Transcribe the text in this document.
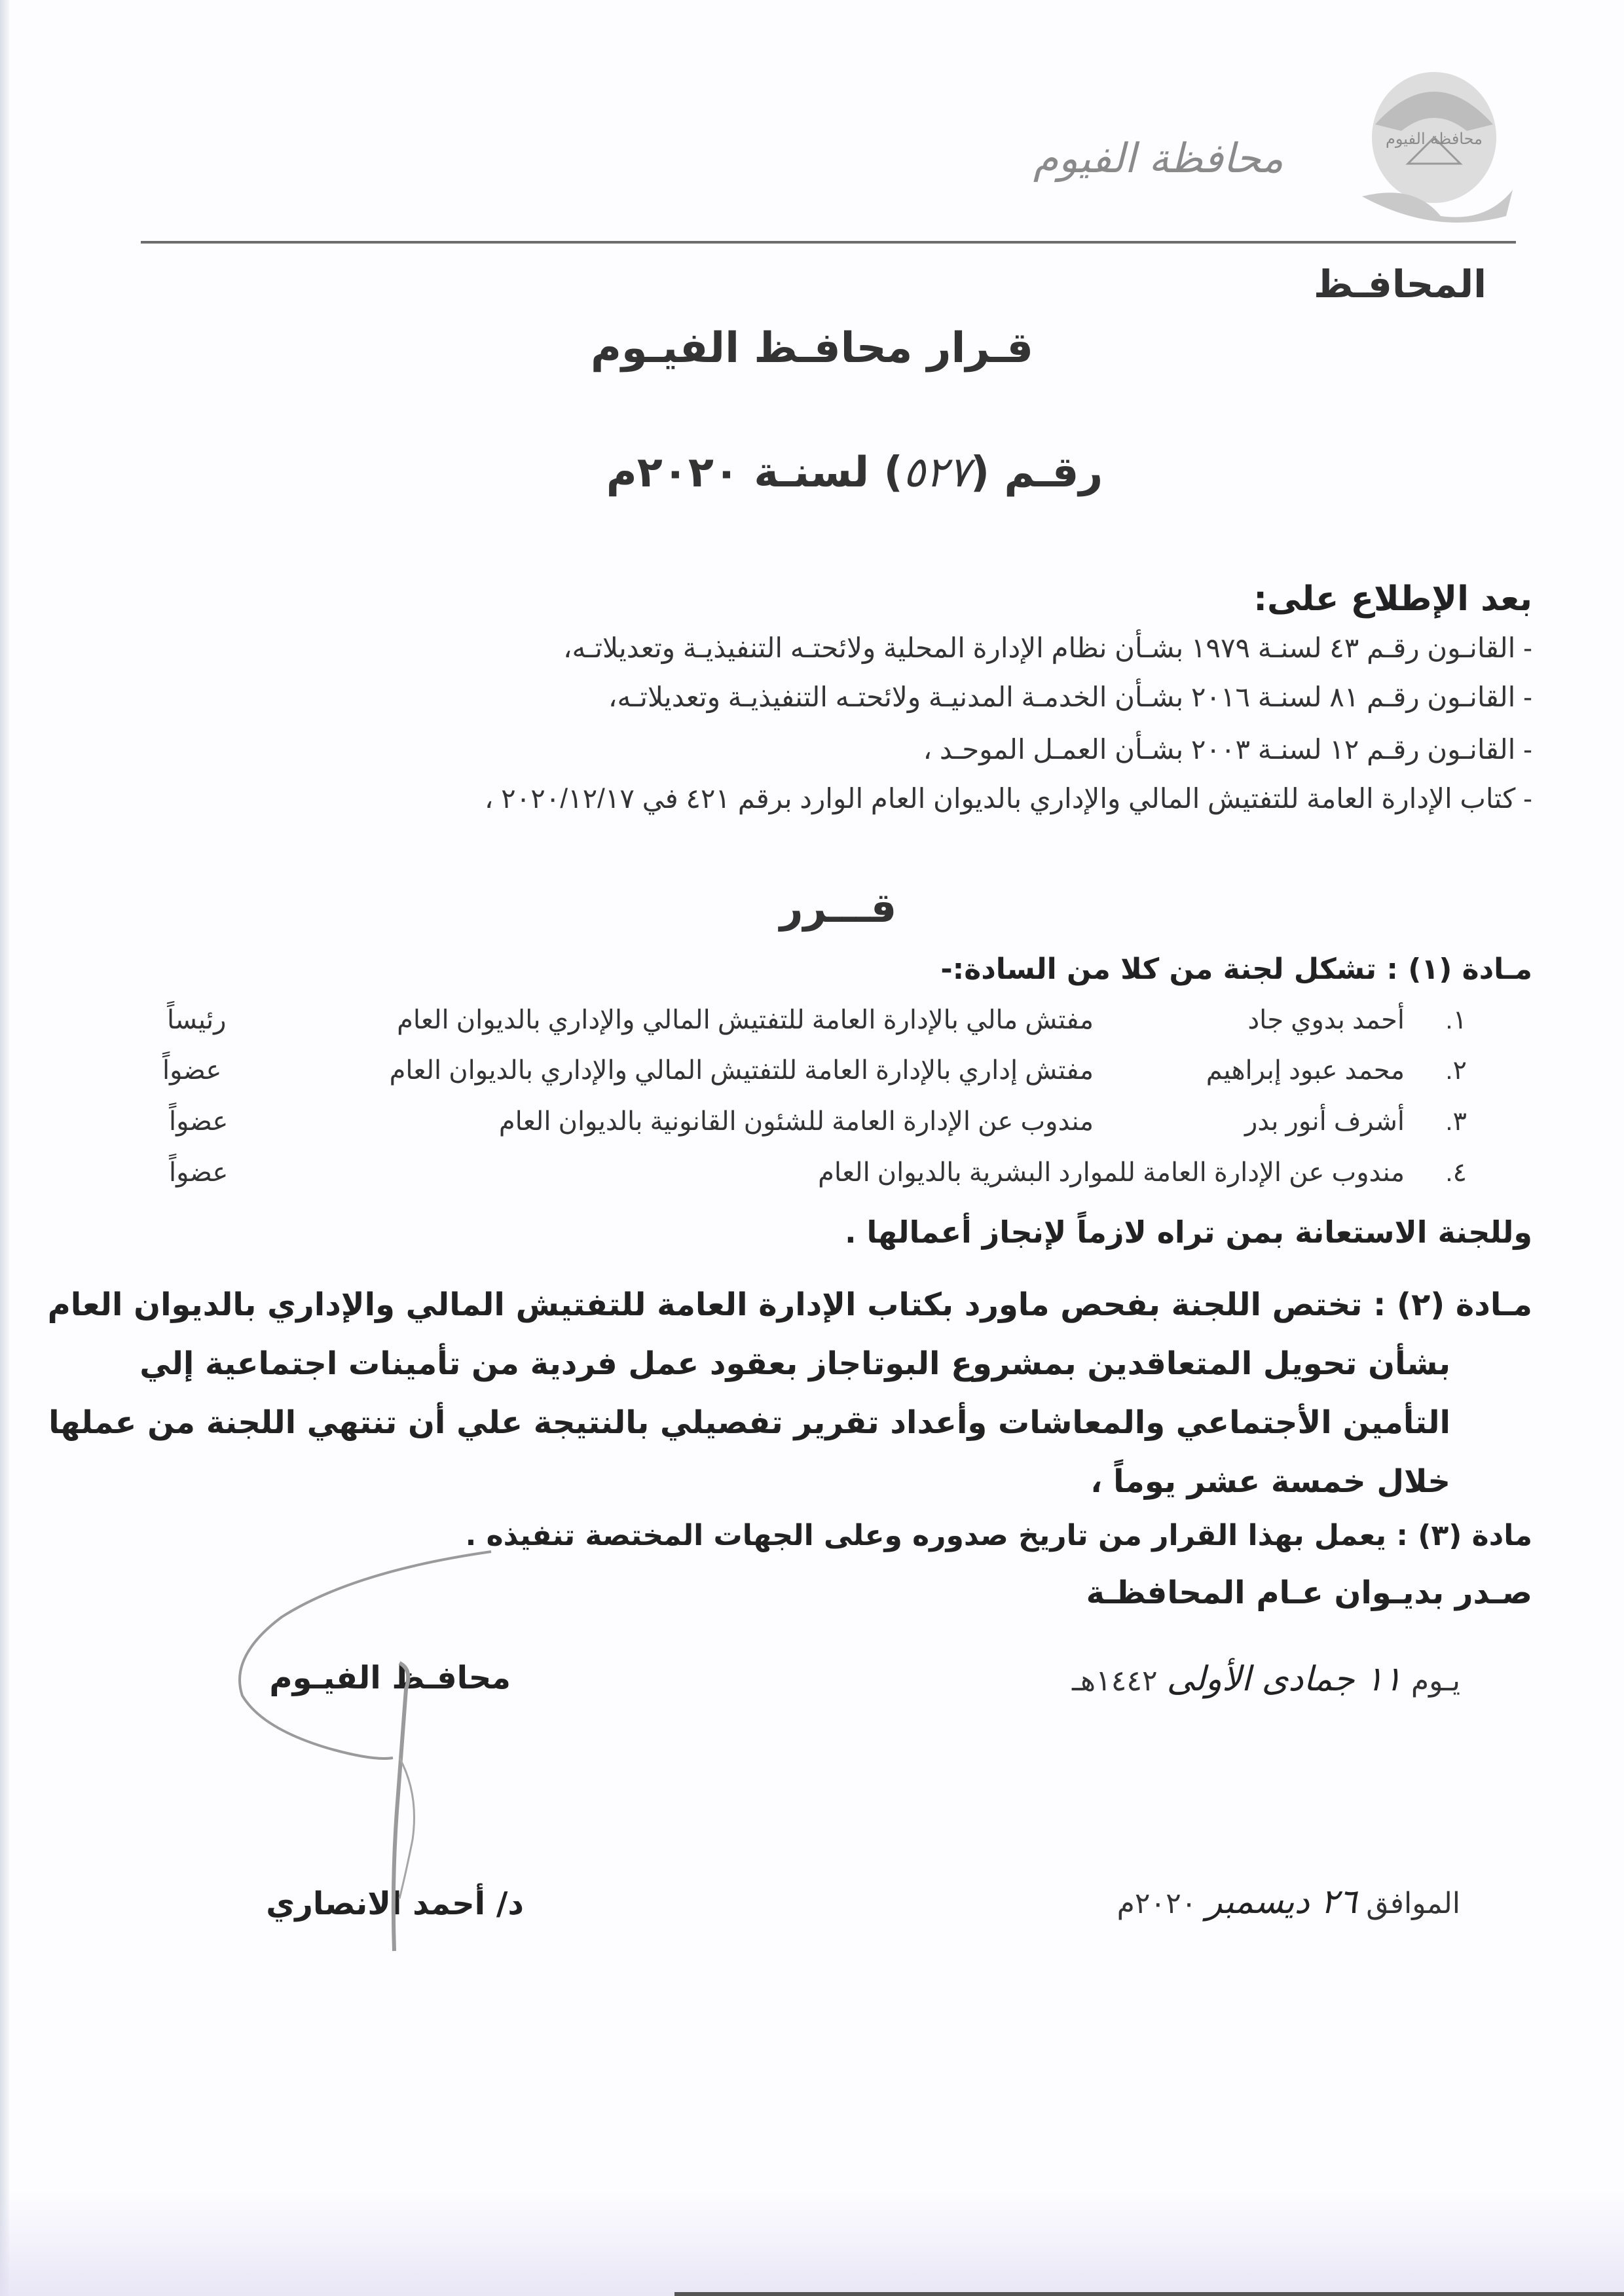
محافظة الفيوم
محافظة الفيوم
المحافـظ
قـرار محافـظ الفيـوم
رقـم (٥٢٧) لسنـة ٢٠٢٠م
بعد الإطلاع على:
- القانـون رقـم ٤٣ لسنـة ١٩٧٩ بشـأن نظام الإدارة المحلية ولائحتـه التنفيذيـة وتعديلاتـه،
- القانـون رقـم ٨١ لسنـة ٢٠١٦ بشـأن الخدمـة المدنيـة ولائحتـه التنفيذيـة وتعديلاتـه،
- القانـون رقـم ١٢ لسنـة ٢٠٠٣ بشـأن العمـل الموحـد ،
- كتاب الإدارة العامة للتفتيش المالي والإداري بالديوان العام الوارد برقم ٤٢١ في ٢٠٢٠/١٢/١٧ ،
قـــرر
مـادة (١) : تشكل لجنة من كلا من السادة:-
١.
أحمد بدوي جاد
مفتش مالي بالإدارة العامة للتفتيش المالي والإداري بالديوان العام
رئيساً
٢.
محمد عبود إبراهيم
مفتش إداري بالإدارة العامة للتفتيش المالي والإداري بالديوان العام
عضواً
٣.
أشرف أنور بدر
مندوب عن الإدارة العامة للشئون القانونية بالديوان العام
عضواً
٤.
مندوب عن الإدارة العامة للموارد البشرية بالديوان العام
عضواً
وللجنة الاستعانة بمن تراه لازماً لإنجاز أعمالها .
مـادة (٢) : تختص اللجنة بفحص ماورد بكتاب الإدارة العامة للتفتيش المالي والإداري بالديوان العام
بشأن تحويل المتعاقدين بمشروع البوتاجاز بعقود عمل فردية من تأمينات اجتماعية إلي
التأمين الأجتماعي والمعاشات وأعداد تقرير تفصيلي بالنتيجة علي أن تنتهي اللجنة من عملها
خلال خمسة عشر يوماً ،
مادة (٣) : يعمل بهذا القرار من تاريخ صدوره وعلى الجهات المختصة تنفيذه .
صـدر بديـوان عـام المحافظـة
يـوم ١١ جمادى الأولى ١٤٤٢هـ
الموافق ٢٦ ديسمبر ٢٠٢٠م
محافـظ الفيـوم
د/ أحمد الانصاري
